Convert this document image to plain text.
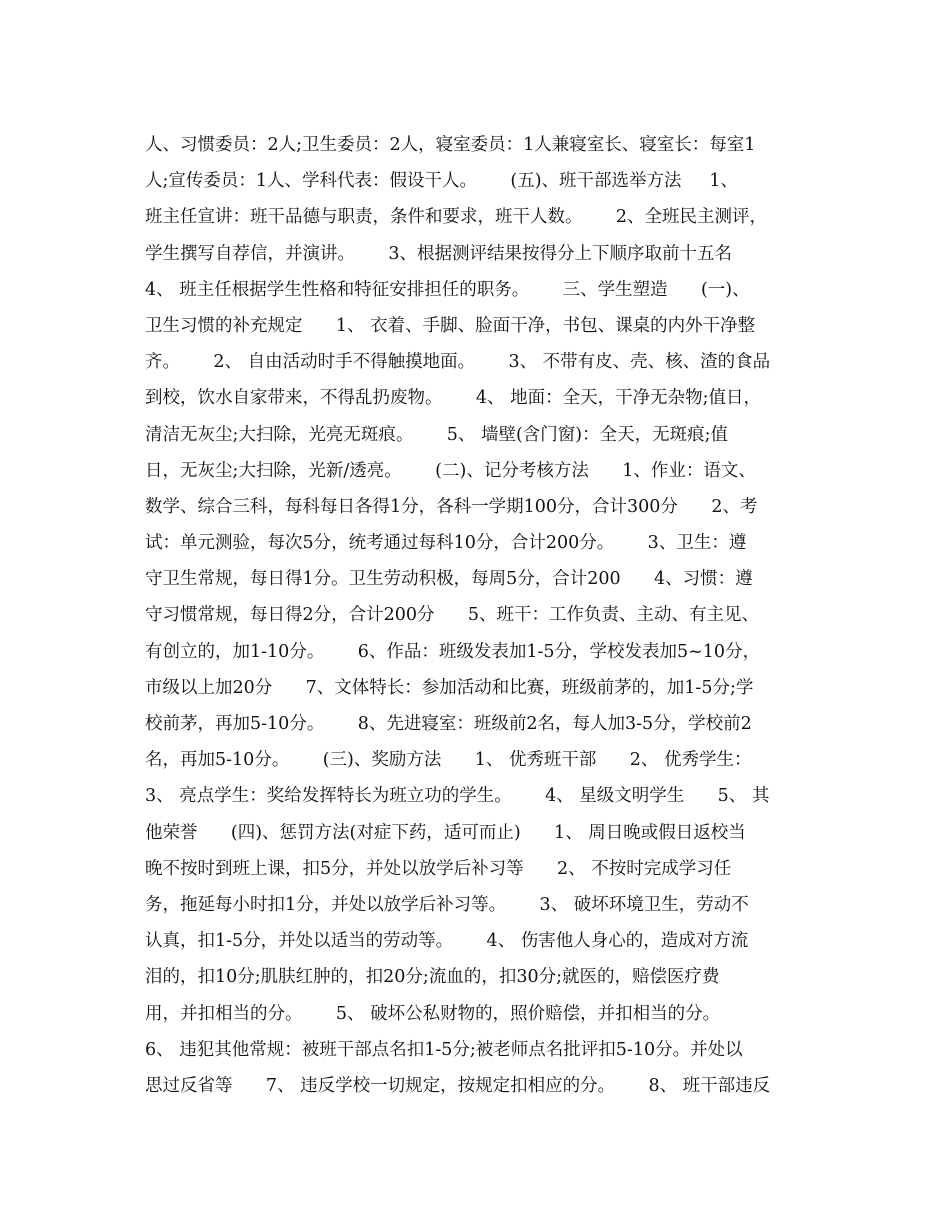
人、习惯委员：2人;卫生委员：2人，寝室委员：1人兼寝室长、寝室长：每室1
人;宣传委员：1人、学科代表：假设干人。      (五)、班干部选举方法     1、
班主任宣讲：班干品德与职责，条件和要求，班干人数。      2、全班民主测评，
学生撰写自荐信，并演讲。      3、根据测评结果按得分上下顺序取前十五名
4、 班主任根据学生性格和特征安排担任的职务。      三、学生塑造      (一)、
卫生习惯的补充规定      1、 衣着、手脚、脸面干净，书包、课桌的内外干净整
齐。      2、 自由活动时手不得触摸地面。      3、 不带有皮、壳、核、渣的食品
到校，饮水自家带来，不得乱扔废物。      4、 地面：全天，干净无杂物;值日，
清洁无灰尘;大扫除，光亮无斑痕。      5、 墙壁(含门窗)：全天，无斑痕;值
日，无灰尘;大扫除，光新/透亮。      (二)、记分考核方法      1、作业：语文、
数学、综合三科，每科每日各得1分，各科一学期100分，合计300分      2、考
试：单元测验，每次5分，统考通过每科10分，合计200分。      3、卫生：遵
守卫生常规，每日得1分。卫生劳动积极，每周5分，合计200      4、习惯：遵
守习惯常规，每日得2分，合计200分      5、班干：工作负责、主动、有主见、
有创立的，加1-10分。      6、作品：班级发表加1-5分，学校发表加5~10分，
市级以上加20分      7、文体特长：参加活动和比赛，班级前茅的，加1-5分;学
校前茅，再加5-10分。      8、先进寝室：班级前2名，每人加3-5分，学校前2
名，再加5-10分。      (三)、奖励方法      1、 优秀班干部      2、 优秀学生：
3、 亮点学生：奖给发挥特长为班立功的学生。      4、 星级文明学生      5、 其
他荣誉      (四)、惩罚方法(对症下药，适可而止)      1、 周日晚或假日返校当
晚不按时到班上课，扣5分，并处以放学后补习等      2、 不按时完成学习任
务，拖延每小时扣1分，并处以放学后补习等。      3、 破坏环境卫生，劳动不
认真，扣1-5分，并处以适当的劳动等。      4、 伤害他人身心的，造成对方流
泪的，扣10分;肌肤红肿的，扣20分;流血的，扣30分;就医的，赔偿医疗费
用，并扣相当的分。      5、 破坏公私财物的，照价赔偿，并扣相当的分。
6、 违犯其他常规：被班干部点名扣1-5分;被老师点名批评扣5-10分。并处以
思过反省等      7、 违反学校一切规定，按规定扣相应的分。      8、 班干部违反
